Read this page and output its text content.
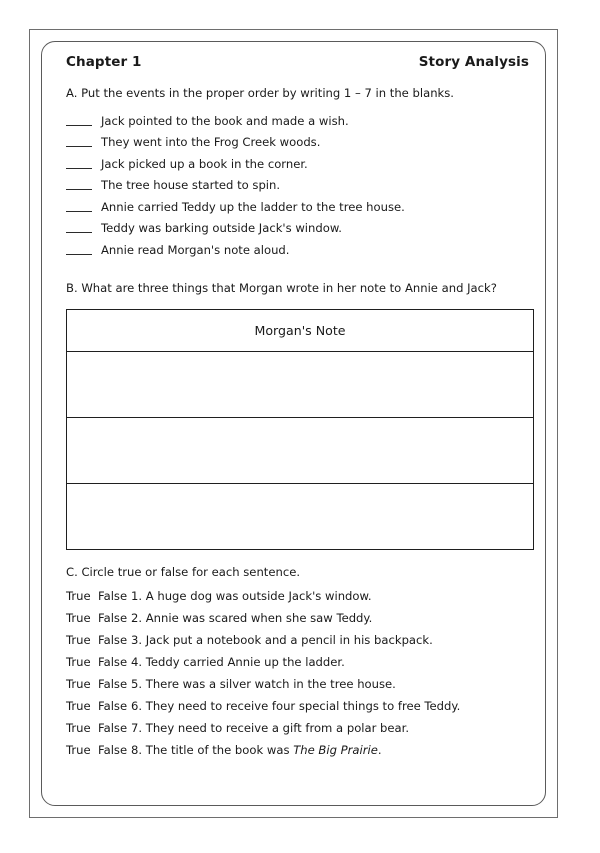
Chapter 1	Story Analysis

A. Put the events in the proper order by writing 1 – 7 in the blanks.

Jack pointed to the book and made a wish.
They went into the Frog Creek woods.
Jack picked up a book in the corner.
The tree house started to spin.
Annie carried Teddy up the ladder to the tree house.
Teddy was barking outside Jack's window.
Annie read Morgan's note aloud.

B. What are three things that Morgan wrote in her note to Annie and Jack?

Morgan's Note

C. Circle true or false for each sentence.

True False 1. A huge dog was outside Jack's window.
True False 2. Annie was scared when she saw Teddy.
True False 3. Jack put a notebook and a pencil in his backpack.
True False 4. Teddy carried Annie up the ladder.
True False 5. There was a silver watch in the tree house.
True False 6. They need to receive four special things to free Teddy.
True False 7. They need to receive a gift from a polar bear.
True False 8. The title of the book was The Big Prairie.
